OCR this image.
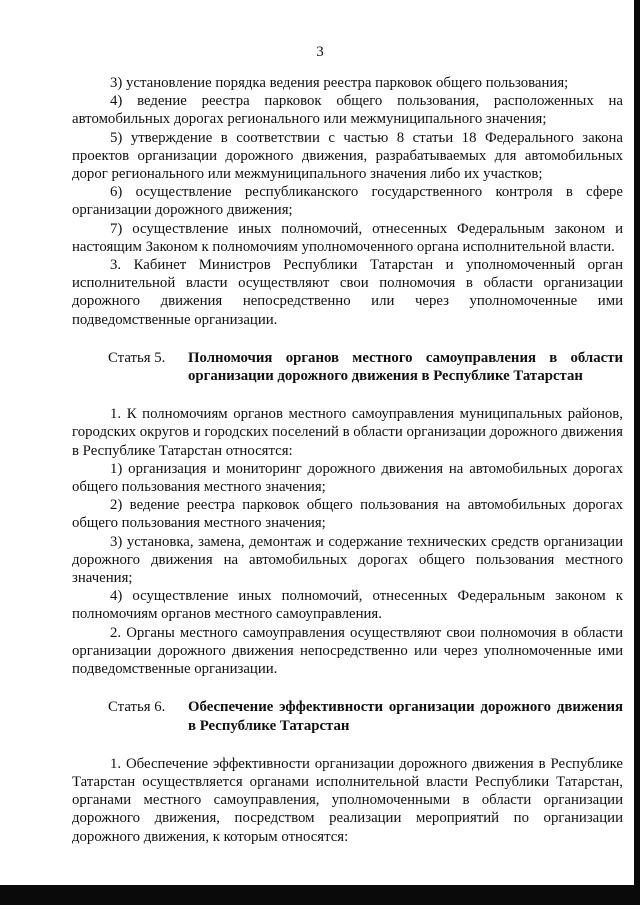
3

3) установление порядка ведения реестра парковок общего пользования;

4) ведение реестра парковок общего пользования, расположенных на автомобильных дорогах регионального или межмуниципального значения;

5) утверждение в соответствии с частью 8 статьи 18 Федерального закона проектов организации дорожного движения, разрабатываемых для автомобильных дорог регионального или межмуниципального значения либо их участков;

6) осуществление республиканского государственного контроля в сфере организации дорожного движения;

7) осуществление иных полномочий, отнесенных Федеральным законом и настоящим Законом к полномочиям уполномоченного органа исполнительной власти.

3. Кабинет Министров Республики Татарстан и уполномоченный орган исполнительной власти осуществляют свои полномочия в области организации дорожного движения непосредственно или через уполномоченные ими подведомственные организации.

Статья 5.	Полномочия органов местного самоуправления в области организации дорожного движения в Республике Татарстан

1. К полномочиям органов местного самоуправления муниципальных районов, городских округов и городских поселений в области организации дорожного движения в Республике Татарстан относятся:

1) организация и мониторинг дорожного движения на автомобильных дорогах общего пользования местного значения;

2) ведение реестра парковок общего пользования на автомобильных дорогах общего пользования местного значения;

3) установка, замена, демонтаж и содержание технических средств организации дорожного движения на автомобильных дорогах общего пользования местного значения;

4) осуществление иных полномочий, отнесенных Федеральным законом к полномочиям органов местного самоуправления.

2. Органы местного самоуправления осуществляют свои полномочия в области организации дорожного движения непосредственно или через уполномоченные ими подведомственные организации.

Статья 6.	Обеспечение эффективности организации дорожного движения в Республике Татарстан

1. Обеспечение эффективности организации дорожного движения в Республике Татарстан осуществляется органами исполнительной власти Республики Татарстан, органами местного самоуправления, уполномоченными в области организации дорожного движения, посредством реализации мероприятий по организации дорожного движения, к которым относятся:
